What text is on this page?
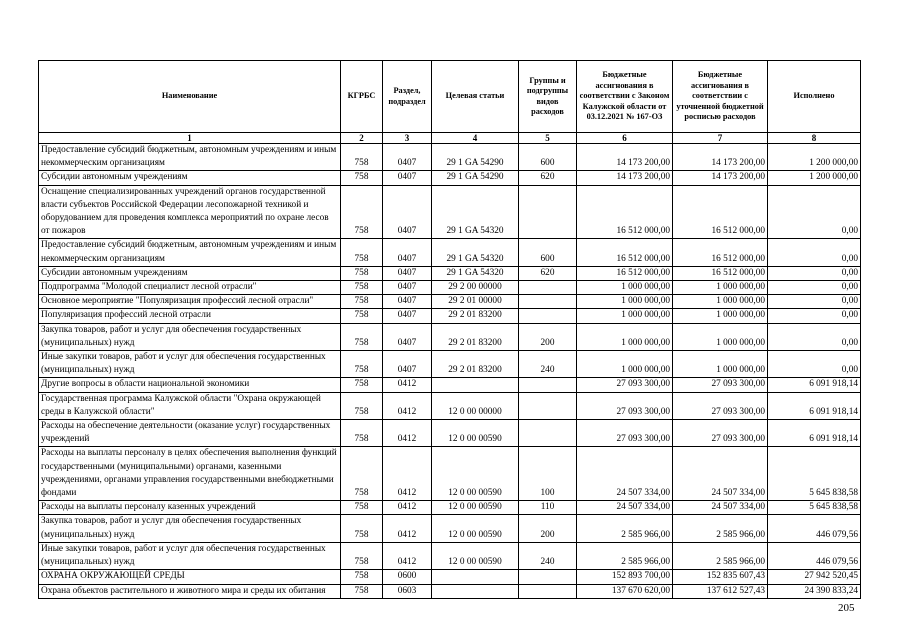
Наименование	КГРБС	Раздел, подраздел	Целевая статьи	Группы и подгруппы видов расходов	Бюджетные ассигнования в соответствии с Законом Калужской области от 03.12.2021 № 167-ОЗ	Бюджетные ассигнования в соответствии с уточненной бюджетной росписью расходов	Исполнено
1	2	3	4	5	6	7	8
Предоставление субсидий бюджетным, автономным учреждениям и иным некоммерческим организациям	758	0407	29 1 GA 54290	600	14 173 200,00	14 173 200,00	1 200 000,00
Субсидии автономным учреждениям	758	0407	29 1 GA 54290	620	14 173 200,00	14 173 200,00	1 200 000,00
Оснащение специализированных учреждений органов государственной власти субъектов Российской Федерации лесопожарной техникой и оборудованием для проведения комплекса мероприятий по охране лесов от пожаров	758	0407	29 1 GA 54320		16 512 000,00	16 512 000,00	0,00
Предоставление субсидий бюджетным, автономным учреждениям и иным некоммерческим организациям	758	0407	29 1 GA 54320	600	16 512 000,00	16 512 000,00	0,00
Субсидии автономным учреждениям	758	0407	29 1 GA 54320	620	16 512 000,00	16 512 000,00	0,00
Подпрограмма "Молодой специалист лесной отрасли"	758	0407	29 2 00 00000		1 000 000,00	1 000 000,00	0,00
Основное мероприятие "Популяризация профессий лесной отрасли"	758	0407	29 2 01 00000		1 000 000,00	1 000 000,00	0,00
Популяризация профессий лесной отрасли	758	0407	29 2 01 83200		1 000 000,00	1 000 000,00	0,00
Закупка товаров, работ и услуг для обеспечения государственных (муниципальных) нужд	758	0407	29 2 01 83200	200	1 000 000,00	1 000 000,00	0,00
Иные закупки товаров, работ и услуг для обеспечения государственных (муниципальных) нужд	758	0407	29 2 01 83200	240	1 000 000,00	1 000 000,00	0,00
Другие вопросы в области национальной экономики	758	0412			27 093 300,00	27 093 300,00	6 091 918,14
Государственная программа Калужской области "Охрана окружающей среды в Калужской области"	758	0412	12 0 00 00000		27 093 300,00	27 093 300,00	6 091 918,14
Расходы на обеспечение деятельности (оказание услуг) государственных учреждений	758	0412	12 0 00 00590		27 093 300,00	27 093 300,00	6 091 918,14
Расходы на выплаты персоналу в целях обеспечения выполнения функций государственными (муниципальными) органами, казенными учреждениями, органами управления государственными внебюджетными фондами	758	0412	12 0 00 00590	100	24 507 334,00	24 507 334,00	5 645 838,58
Расходы на выплаты персоналу казенных учреждений	758	0412	12 0 00 00590	110	24 507 334,00	24 507 334,00	5 645 838,58
Закупка товаров, работ и услуг для обеспечения государственных (муниципальных) нужд	758	0412	12 0 00 00590	200	2 585 966,00	2 585 966,00	446 079,56
Иные закупки товаров, работ и услуг для обеспечения государственных (муниципальных) нужд	758	0412	12 0 00 00590	240	2 585 966,00	2 585 966,00	446 079,56
ОХРАНА ОКРУЖАЮЩЕЙ СРЕДЫ	758	0600			152 893 700,00	152 835 607,43	27 942 520,45
Охрана объектов растительного и животного мира и среды их обитания	758	0603			137 670 620,00	137 612 527,43	24 390 833,24
205
